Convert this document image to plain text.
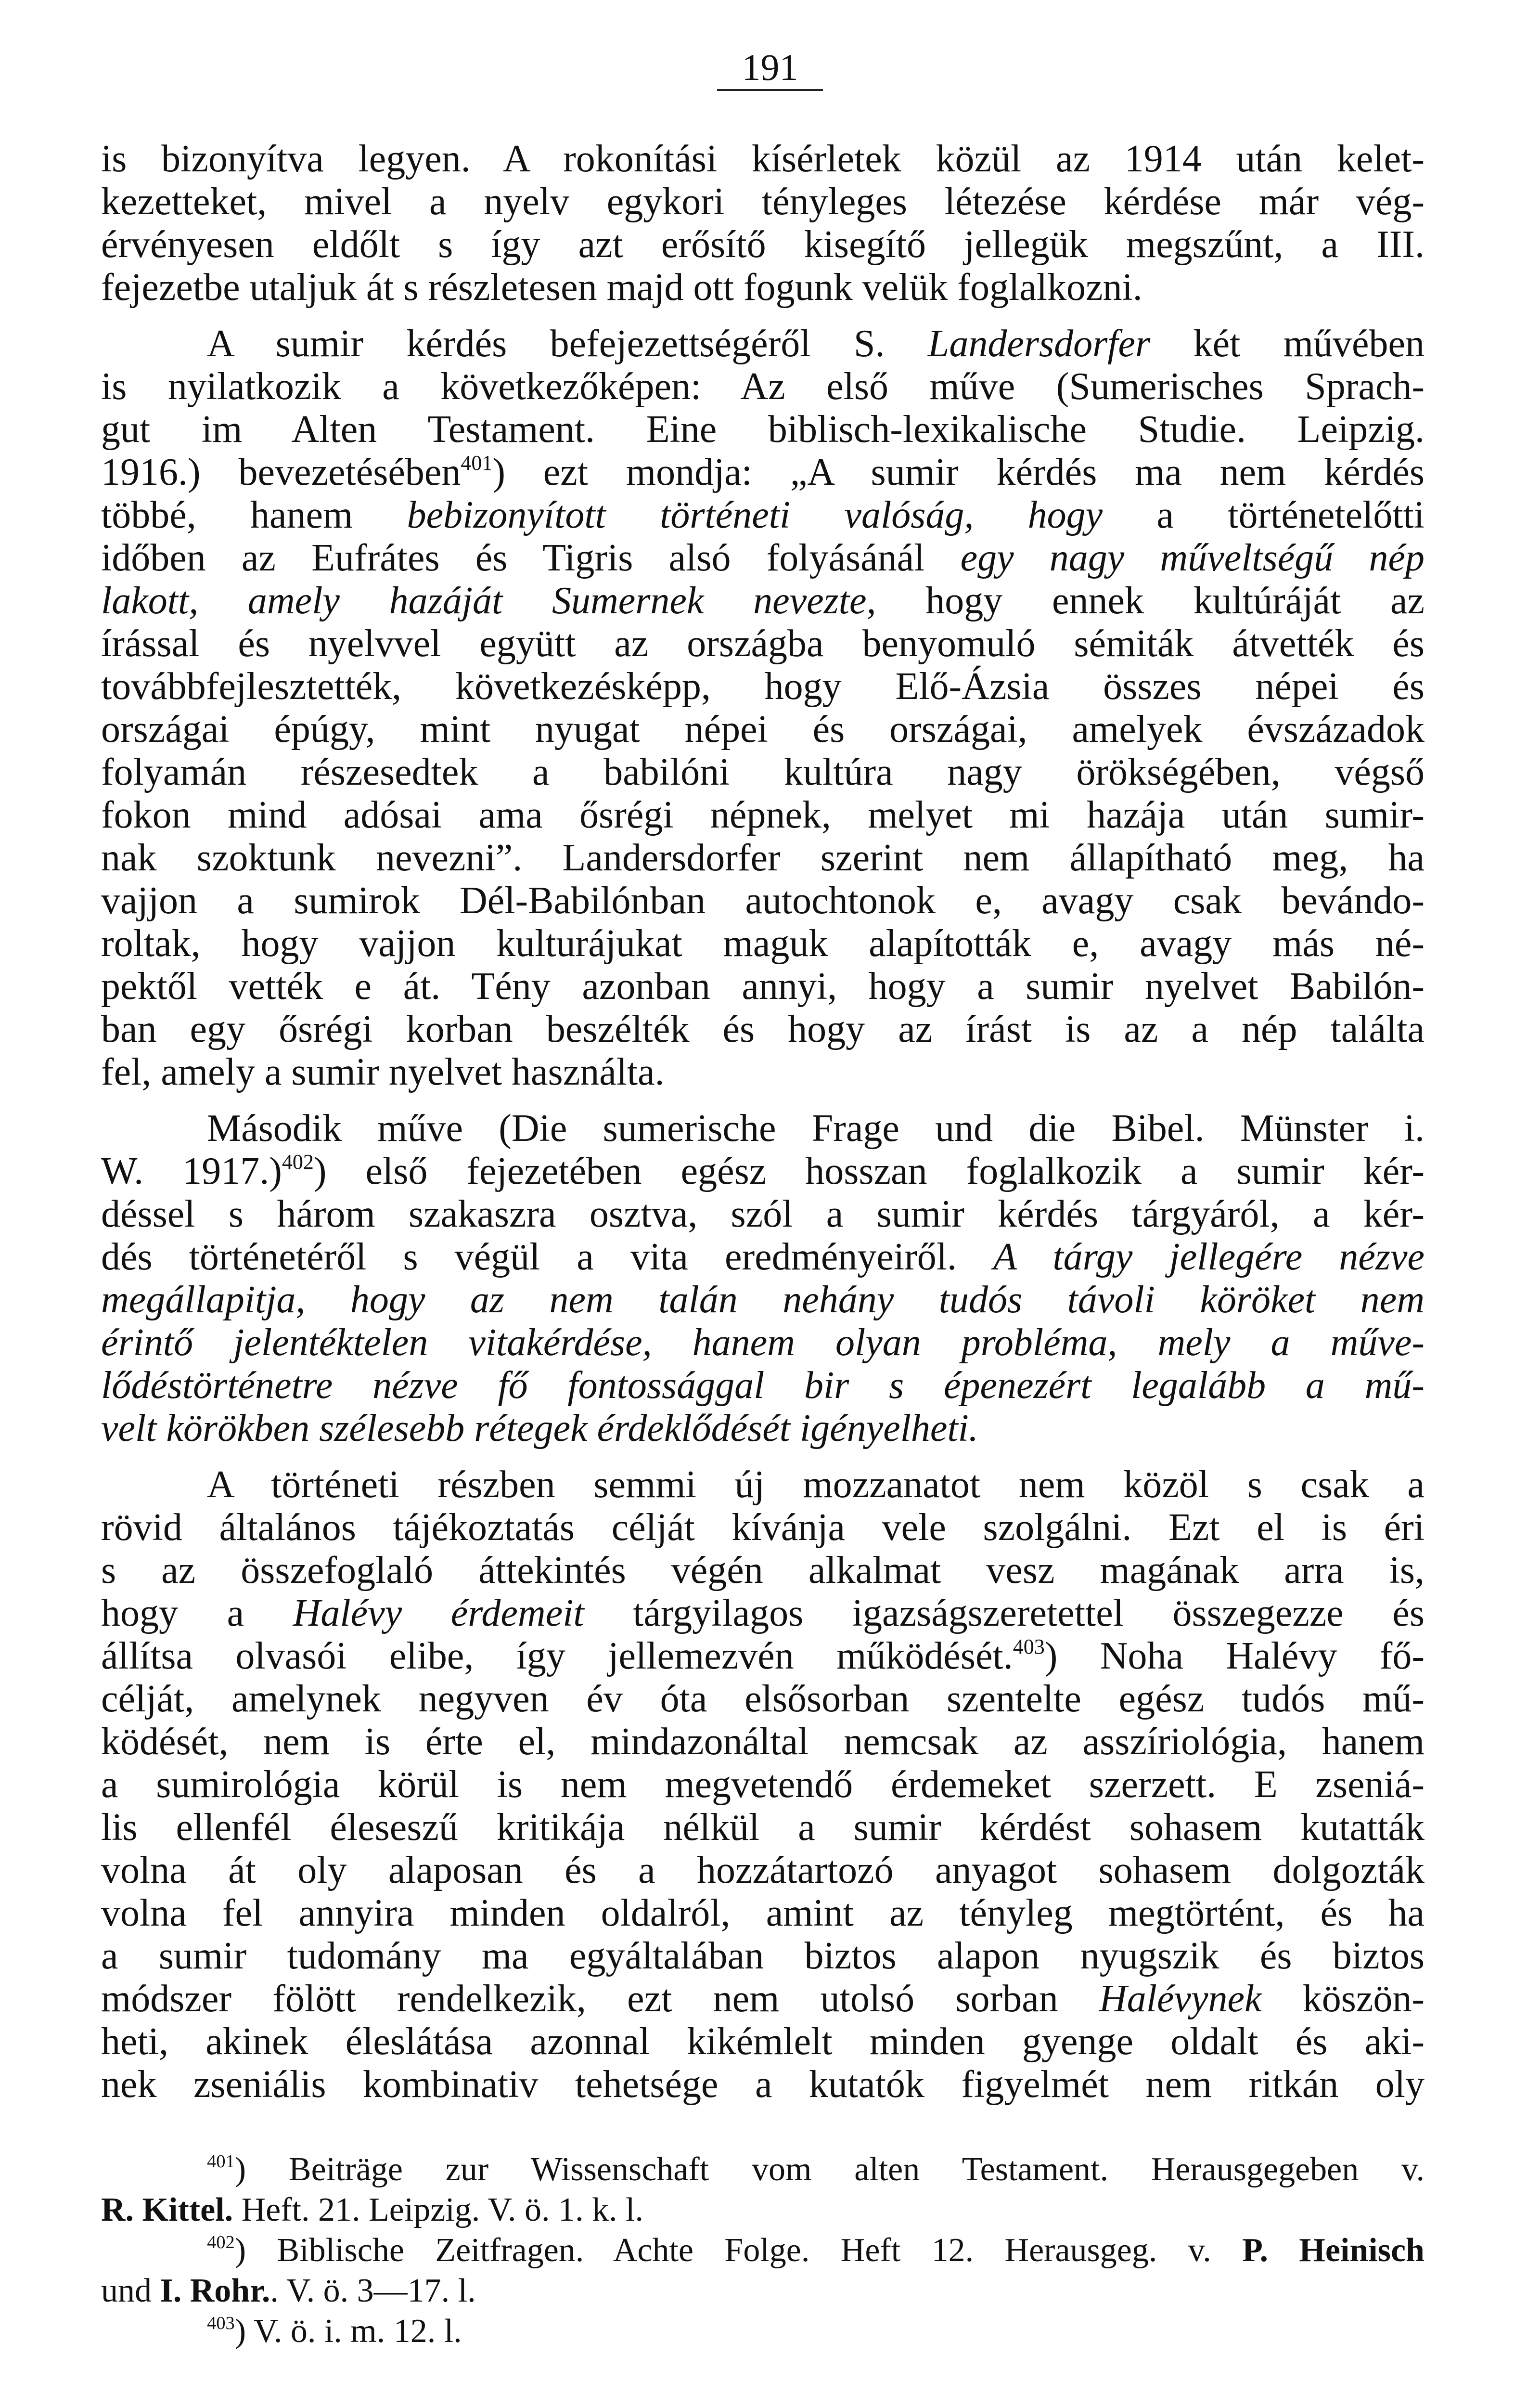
191
is bizonyítva legyen. A rokonítási kísérletek közül az 1914 után kelet-
kezetteket, mivel a nyelv egykori tényleges létezése kérdése már vég-
érvényesen eldőlt s így azt erősítő kisegítő jellegük megszűnt, a III.
fejezetbe utaljuk át s részletesen majd ott fogunk velük foglalkozni.
A sumir kérdés befejezettségéről S. Landersdorfer két művében
is nyilatkozik a következőképen: Az első műve (Sumerisches Sprach-
gut im Alten Testament. Eine biblisch-lexikalische Studie. Leipzig.
1916.) bevezetésében$^{401}$) ezt mondja: „A sumir kérdés ma nem kérdés
többé, hanem bebizonyított történeti valóság, hogy a történetelőtti
időben az Eufrátes és Tigris alsó folyásánál egy nagy műveltségű nép
lakott, amely hazáját Sumernek nevezte, hogy ennek kultúráját az
írással és nyelvvel együtt az országba benyomuló sémiták átvették és
továbbfejlesztették, következésképp, hogy Elő-Ázsia összes népei és
országai épúgy, mint nyugat népei és országai, amelyek évszázadok
folyamán részesedtek a babilóni kultúra nagy örökségében, végső
fokon mind adósai ama ősrégi népnek, melyet mi hazája után sumir-
nak szoktunk nevezni”. Landersdorfer szerint nem állapítható meg, ha
vajjon a sumirok Dél-Babilónban autochtonok e, avagy csak bevándo-
roltak, hogy vajjon kulturájukat maguk alapították e, avagy más né-
pektől vették e át. Tény azonban annyi, hogy a sumir nyelvet Babilón-
ban egy ősrégi korban beszélték és hogy az írást is az a nép találta
fel, amely a sumir nyelvet használta.
Második műve (Die sumerische Frage und die Bibel. Münster i.
W. 1917.)$^{402}$) első fejezetében egész hosszan foglalkozik a sumir kér-
déssel s három szakaszra osztva, szól a sumir kérdés tárgyáról, a kér-
dés történetéről s végül a vita eredményeiről. A tárgy jellegére nézve
megállapitja, hogy az nem talán nehány tudós távoli köröket nem
érintő jelentéktelen vitakérdése, hanem olyan probléma, mely a műve-
lődéstörténetre nézve fő fontossággal bir s épenezért legalább a mű-
velt körökben szélesebb rétegek érdeklődését igényelheti.
A történeti részben semmi új mozzanatot nem közöl s csak a
rövid általános tájékoztatás célját kívánja vele szolgálni. Ezt el is éri
s az összefoglaló áttekintés végén alkalmat vesz magának arra is,
hogy a Halévy érdemeit tárgyilagos igazságszeretettel összegezze és
állítsa olvasói elibe, így jellemezvén működését.$^{403}$) Noha Halévy fő-
célját, amelynek negyven év óta elsősorban szentelte egész tudós mű-
ködését, nem is érte el, mindazonáltal nemcsak az asszíriológia, hanem
a sumirológia körül is nem megvetendő érdemeket szerzett. E zseniá-
lis ellenfél éleseszű kritikája nélkül a sumir kérdést sohasem kutatták
volna át oly alaposan és a hozzátartozó anyagot sohasem dolgozták
volna fel annyira minden oldalról, amint az tényleg megtörtént, és ha
a sumir tudomány ma egyáltalában biztos alapon nyugszik és biztos
módszer fölött rendelkezik, ezt nem utolsó sorban Halévynek köszön-
heti, akinek éleslátása azonnal kikémlelt minden gyenge oldalt és aki-
nek zseniális kombinativ tehetsége a kutatók figyelmét nem ritkán oly
$^{401}$) Beiträge zur Wissenschaft vom alten Testament. Herausgegeben v.
R. Kittel. Heft. 21. Leipzig. V. ö. 1. k. l.
$^{402}$) Biblische Zeitfragen. Achte Folge. Heft 12. Herausgeg. v. P. Heinisch
und I. Rohr.. V. ö. 3—17. l.
$^{403}$) V. ö. i. m. 12. l.
